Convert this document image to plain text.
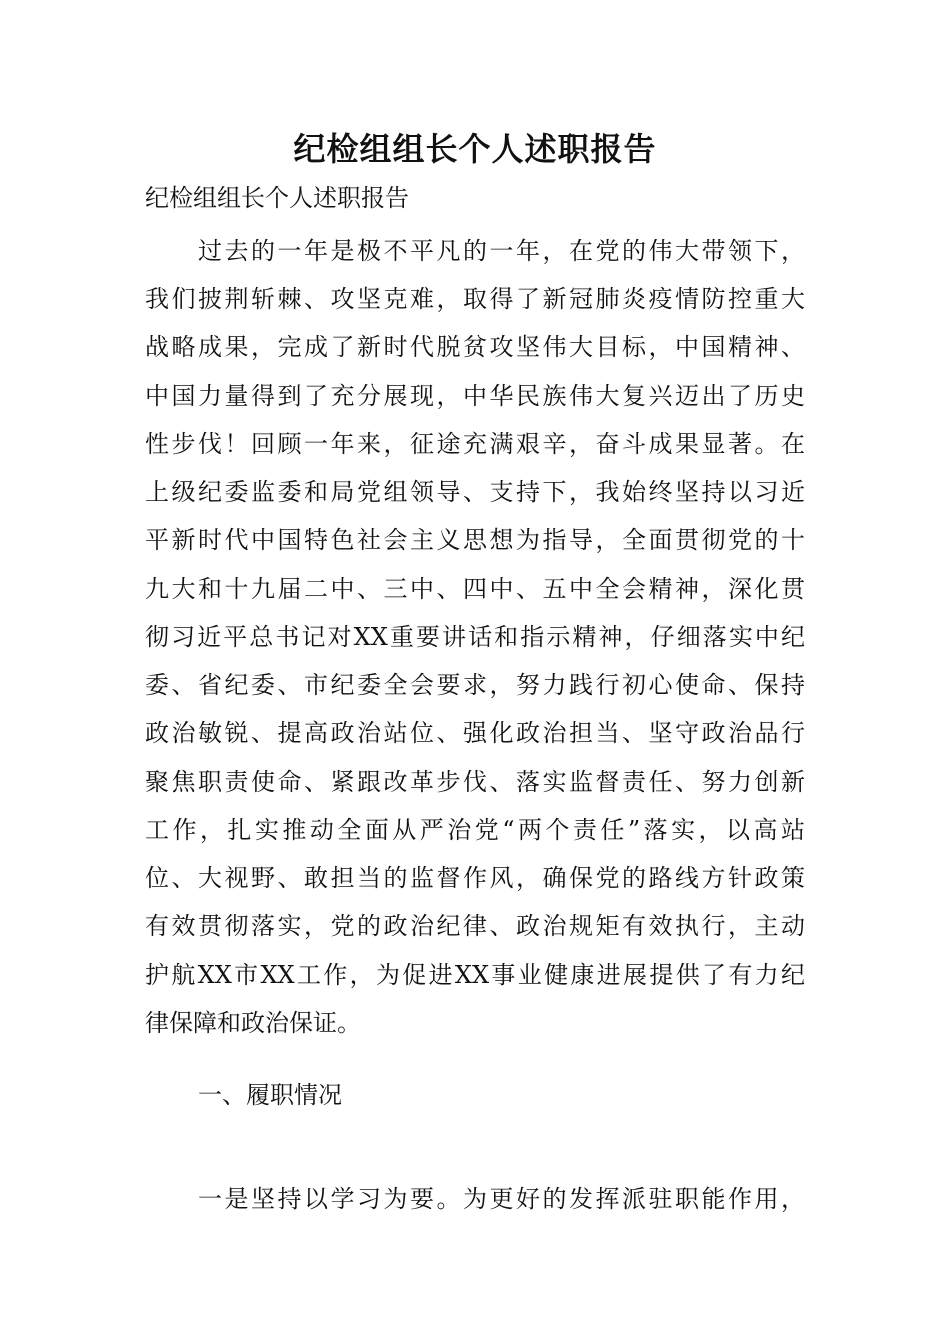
纪检组组长个人述职报告
纪检组组长个人述职报告
过去的一年是极不平凡的一年，在党的伟大带领下，
我们披荆斩棘、攻坚克难，取得了新冠肺炎疫情防控重大
战略成果，完成了新时代脱贫攻坚伟大目标，中国精神、
中国力量得到了充分展现，中华民族伟大复兴迈出了历史
性步伐！回顾一年来，征途充满艰辛，奋斗成果显著。在
上级纪委监委和局党组领导、支持下，我始终坚持以习近
平新时代中国特色社会主义思想为指导，全面贯彻党的十
九大和十九届二中、三中、四中、五中全会精神，深化贯
彻习近平总书记对XX重要讲话和指示精神，仔细落实中纪
委、省纪委、市纪委全会要求，努力践行初心使命、保持
政治敏锐、提高政治站位、强化政治担当、坚守政治品行
聚焦职责使命、紧跟改革步伐、落实监督责任、努力创新
工作，扎实推动全面从严治党“两个责任”落实，以高站
位、大视野、敢担当的监督作风，确保党的路线方针政策
有效贯彻落实，党的政治纪律、政治规矩有效执行，主动
护航XX市XX工作，为促进XX事业健康进展提供了有力纪
律保障和政治保证。
一、履职情况
一是坚持以学习为要。为更好的发挥派驻职能作用，
